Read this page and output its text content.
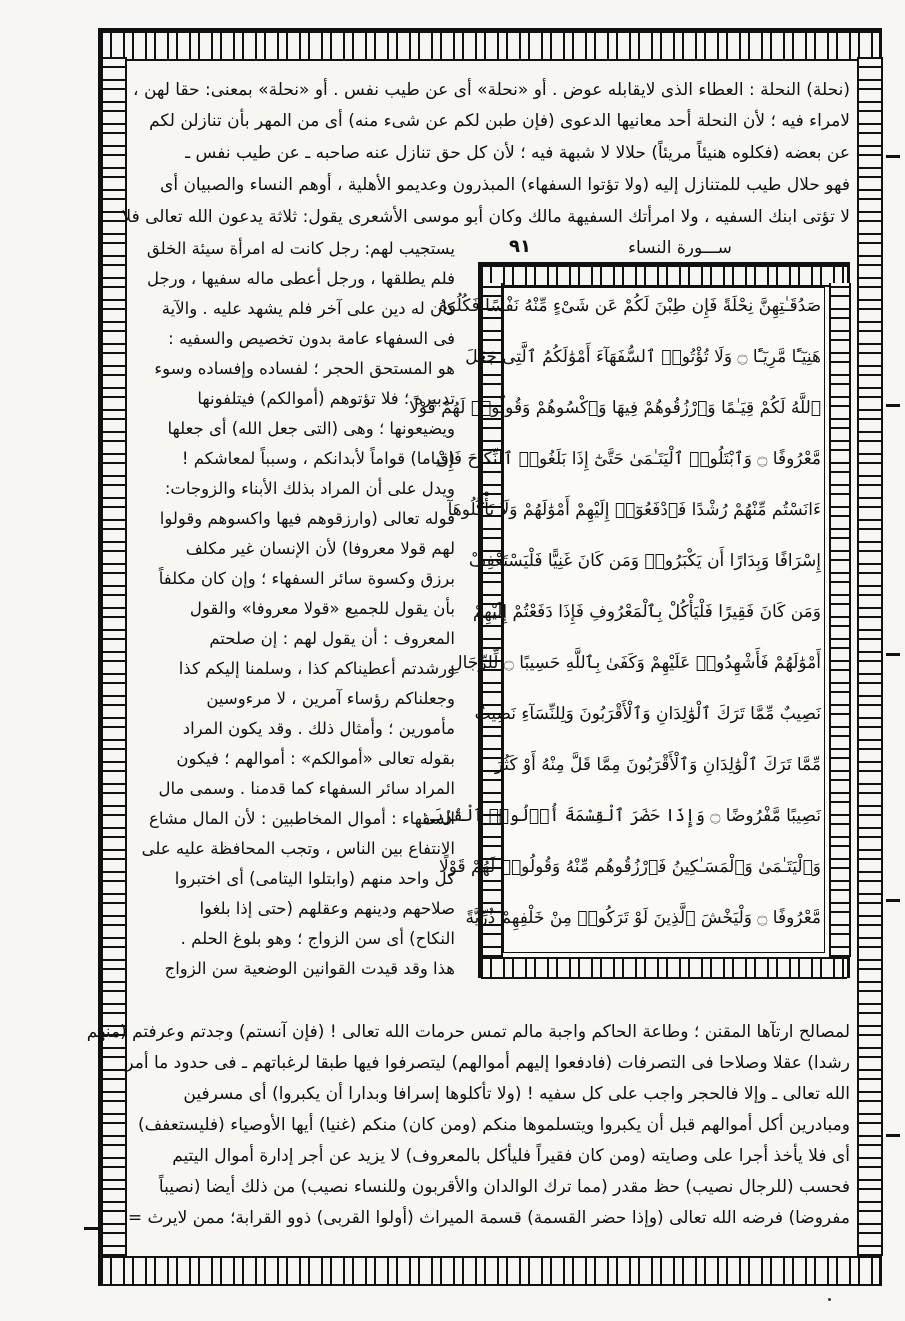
(نحلة) النحلة : العطاء الذى لايقابله عوض . أو «نحلة» أى عن طيب نفس . أو «نحلة» بمعنى: حقا لهن ،
لامراء فيه ؛ لأن النحلة أحد معانيها الدعوى (فإن طبن لكم عن شىء منه) أى من المهر بأن تنازلن لكم
عن بعضه (فكلوه هنيئاً مريئاً) حلالا لا شبهة فيه ؛ لأن كل حق تنازل عنه صاحبه ـ عن طيب نفس ـ
فهو حلال طيب للمتنازل إليه (ولا تؤتوا السفهاء) المبذرون وعديمو الأهلية ، أوهم النساء والصبيان أى
لا تؤتى ابنك السفيه ، ولا امرأتك السفيهة مالك وكان أبو موسى الأشعرى يقول: ثلاثة يدعون الله تعالى فلا
ســـورة النساء
٩١
يستجيب لهم: رجل كانت له امرأة سيئة الخلق
فلم يطلقها ، ورجل أعطى ماله سفيها ، ورجل
كان له دين على آخر فلم يشهد عليه . والآية
فى السفهاء عامة بدون تخصيص والسفيه :
هو المستحق الحجر ؛ لفساده وإفساده وسوء
تدبيره ؛ فلا تؤتوهم (أموالكم) فيتلفونها
ويضيعونها ؛ وهى (التى جعل الله) أى جعلها
(قياما) قواماً لأبدانكم ، وسبباً لمعاشكم !
ويدل على أن المراد بذلك الأبناء والزوجات:
قوله تعالى (وارزقوهم فيها واكسوهم وقولوا
لهم قولا معروفا) لأن الإنسان غير مكلف
برزق وكسوة سائر السفهاء ؛ وإن كان مكلفاً
بأن يقول للجميع «قولا معروفا» والقول
المعروف : أن يقول لهم : إن صلحتم
ورشدتم أعطيناكم كذا ، وسلمنا إليكم كذا
وجعلناكم رؤساء آمرين ، لا مرءوسين
مأمورين ؛ وأمثال ذلك . وقد يكون المراد
بقوله تعالى «أموالكم» : أموالهم ؛ فيكون
المراد سائر السفهاء كما قدمنا . وسمى مال
السفهاء : أموال المخاطبين : لأن المال مشاع
الانتفاع بين الناس ، وتجب المحافظة عليه على
كل واحد منهم (وابتلوا اليتامى) أى اختبروا
صلاحهم ودينهم وعقلهم (حتى إذا بلغوا
النكاح) أى سن الزواج ؛ وهو بلوغ الحلم .
هذا وقد قيدت القوانين الوضعية سن الزواج
صَدُقَـٰتِهِنَّ نِحْلَةً فَإِن طِبْنَ لَكُمْ عَن شَىْءٍ مِّنْهُ نَفْسًا فَكُلُوهُ
هَنِيٓـًٔا مَّرِيٓـًٔا ۝ وَلَا تُؤْتُوا۟ ٱلسُّفَهَآءَ أَمْوَٰلَكُمُ ٱلَّتِى جَعَلَ
ٱللَّهُ لَكُمْ قِيَـٰمًا وَٱرْزُقُوهُمْ فِيهَا وَٱكْسُوهُمْ وَقُولُوا۟ لَهُمْ قَوْلًا
مَّعْرُوفًا ۝ وَٱبْتَلُوا۟ ٱلْيَتَـٰمَىٰ حَتَّىٰٓ إِذَا بَلَغُوا۟ ٱلنِّكَاحَ فَإِنْ
ءَانَسْتُم مِّنْهُمْ رُشْدًا فَٱدْفَعُوٓا۟ إِلَيْهِمْ أَمْوَٰلَهُمْ وَلَا تَأْكُلُوهَآ
إِسْرَافًا وَبِدَارًا أَن يَكْبَرُوا۟ وَمَن كَانَ غَنِيًّا فَلْيَسْتَعْفِفْ
وَمَن كَانَ فَقِيرًا فَلْيَأْكُلْ بِٱلْمَعْرُوفِ فَإِذَا دَفَعْتُمْ إِلَيْهِمْ
أَمْوَٰلَهُمْ فَأَشْهِدُوا۟ عَلَيْهِمْ وَكَفَىٰ بِٱللَّهِ حَسِيبًا ۝ لِّلرِّجَالِ
نَصِيبٌ مِّمَّا تَرَكَ ٱلْوَٰلِدَانِ وَٱلْأَقْرَبُونَ وَلِلنِّسَآءِ نَصِيبٌ
مِّمَّا تَرَكَ ٱلْوَٰلِدَانِ وَٱلْأَقْرَبُونَ مِمَّا قَلَّ مِنْهُ أَوْ كَثُرَ
نَصِيبًا مَّفْرُوضًا ۝ وَإِذَا حَضَرَ ٱلْقِسْمَةَ أُو۟لُوا۟ ٱلْقُرْبَىٰ
وَٱلْيَتَـٰمَىٰ وَٱلْمَسَـٰكِينُ فَٱرْزُقُوهُم مِّنْهُ وَقُولُوا۟ لَهُمْ قَوْلًا
مَّعْرُوفًا ۝ وَلْيَخْشَ ٱلَّذِينَ لَوْ تَرَكُوا۟ مِنْ خَلْفِهِمْ ذُرِّيَّةً
لمصالح ارتآها المقنن ؛ وطاعة الحاكم واجبة مالم تمس حرمات الله تعالى ! (فإن آنستم) وجدتم وعرفتم (منهم
رشدا) عقلا وصلاحا فى التصرفات (فادفعوا إليهم أموالهم) ليتصرفوا فيها طبقا لرغباتهم ـ فى حدود ما أمر
الله تعالى ـ وإلا فالحجر واجب على كل سفيه ! (ولا تأكلوها إسرافا وبدارا أن يكبروا) أى مسرفين
ومبادرين أكل أموالهم قبل أن يكبروا ويتسلموها منكم (ومن كان) منكم (غنيا) أيها الأوصياء (فليستعفف)
أى فلا يأخذ أجرا على وصايته (ومن كان فقيراً فليأكل بالمعروف) لا يزيد عن أجر إدارة أموال اليتيم
فحسب (للرجال نصيب) حظ مقدر (مما ترك الوالدان والأقربون وللنساء نصيب) من ذلك أيضا (نصيباً
مفروضا) فرضه الله تعالى (وإذا حضر القسمة) قسمة الميراث (أولوا القربى) ذوو القرابة؛ ممن لايرث =
